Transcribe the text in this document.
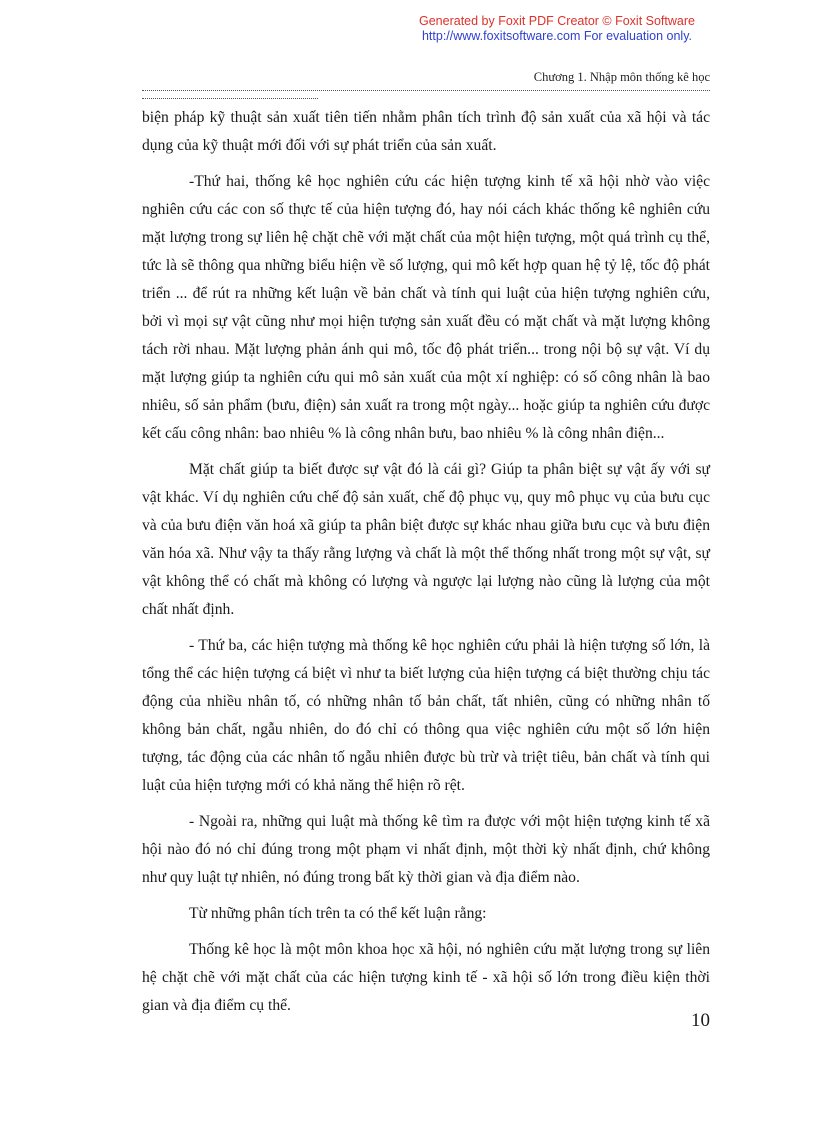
Generated by Foxit PDF Creator © Foxit Software
http://www.foxitsoftware.com For evaluation only.
Chương 1. Nhập môn thống kê học

biện pháp kỹ thuật sản xuất tiên tiến nhằm phân tích trình độ sản xuất của xã hội và tác dụng của kỹ thuật mới đối với sự phát triển của sản xuất.

-Thứ hai, thống kê học nghiên cứu các hiện tượng kinh tế xã hội nhờ vào việc nghiên cứu các con số thực tế của hiện tượng đó, hay nói cách khác thống kê nghiên cứu mặt lượng trong sự liên hệ chặt chẽ với mặt chất của một hiện tượng, một quá trình cụ thể, tức là sẽ thông qua những biểu hiện về số lượng, qui mô kết hợp quan hệ tỷ lệ, tốc độ phát triển ... để rút ra những kết luận về bản chất và tính qui luật của hiện tượng nghiên cứu, bởi vì mọi sự vật cũng như mọi hiện tượng sản xuất đều có mặt chất và mặt lượng không tách rời nhau. Mặt lượng phản ánh qui mô, tốc độ phát triển... trong nội bộ sự vật. Ví dụ mặt lượng giúp ta nghiên cứu qui mô sản xuất của một xí nghiệp: có số công nhân là bao nhiêu, số sản phẩm (bưu, điện) sản xuất ra trong một ngày... hoặc giúp ta nghiên cứu được kết cấu công nhân: bao nhiêu % là công nhân bưu, bao nhiêu % là công nhân điện...

Mặt chất giúp ta biết được sự vật đó là cái gì? Giúp ta phân biệt sự vật ấy với sự vật khác. Ví dụ nghiên cứu chế độ sản xuất, chế độ phục vụ, quy mô phục vụ của bưu cục và của bưu điện văn hoá xã giúp ta phân biệt được sự khác nhau giữa bưu cục và bưu điện văn hóa xã. Như vậy ta thấy rằng lượng và chất là một thể thống nhất trong một sự vật, sự vật không thể có chất mà không có lượng và ngược lại lượng nào cũng là lượng của một chất nhất định.

- Thứ ba, các hiện tượng mà thống kê học nghiên cứu phải là hiện tượng số lớn, là tổng thể các hiện tượng cá biệt vì như ta biết lượng của hiện tượng cá biệt thường chịu tác động của nhiều nhân tố, có những nhân tố bản chất, tất nhiên, cũng có những nhân tố không bản chất, ngẫu nhiên, do đó chỉ có thông qua việc nghiên cứu một số lớn hiện tượng, tác động của các nhân tố ngẫu nhiên được bù trừ và triệt tiêu, bản chất và tính qui luật của hiện tượng mới có khả năng thể hiện rõ rệt.

- Ngoài ra, những qui luật mà thống kê tìm ra được với một hiện tượng kinh tế xã hội nào đó nó chỉ đúng trong một phạm vi nhất định, một thời kỳ nhất định, chứ không như quy luật tự nhiên, nó đúng trong bất kỳ thời gian và địa điểm nào.

Từ những phân tích trên ta có thể kết luận rằng:

Thống kê học là một môn khoa học xã hội, nó nghiên cứu mặt lượng trong sự liên hệ chặt chẽ với mặt chất của các hiện tượng kinh tế - xã hội số lớn trong điều kiện thời gian và địa điểm cụ thể.

10
